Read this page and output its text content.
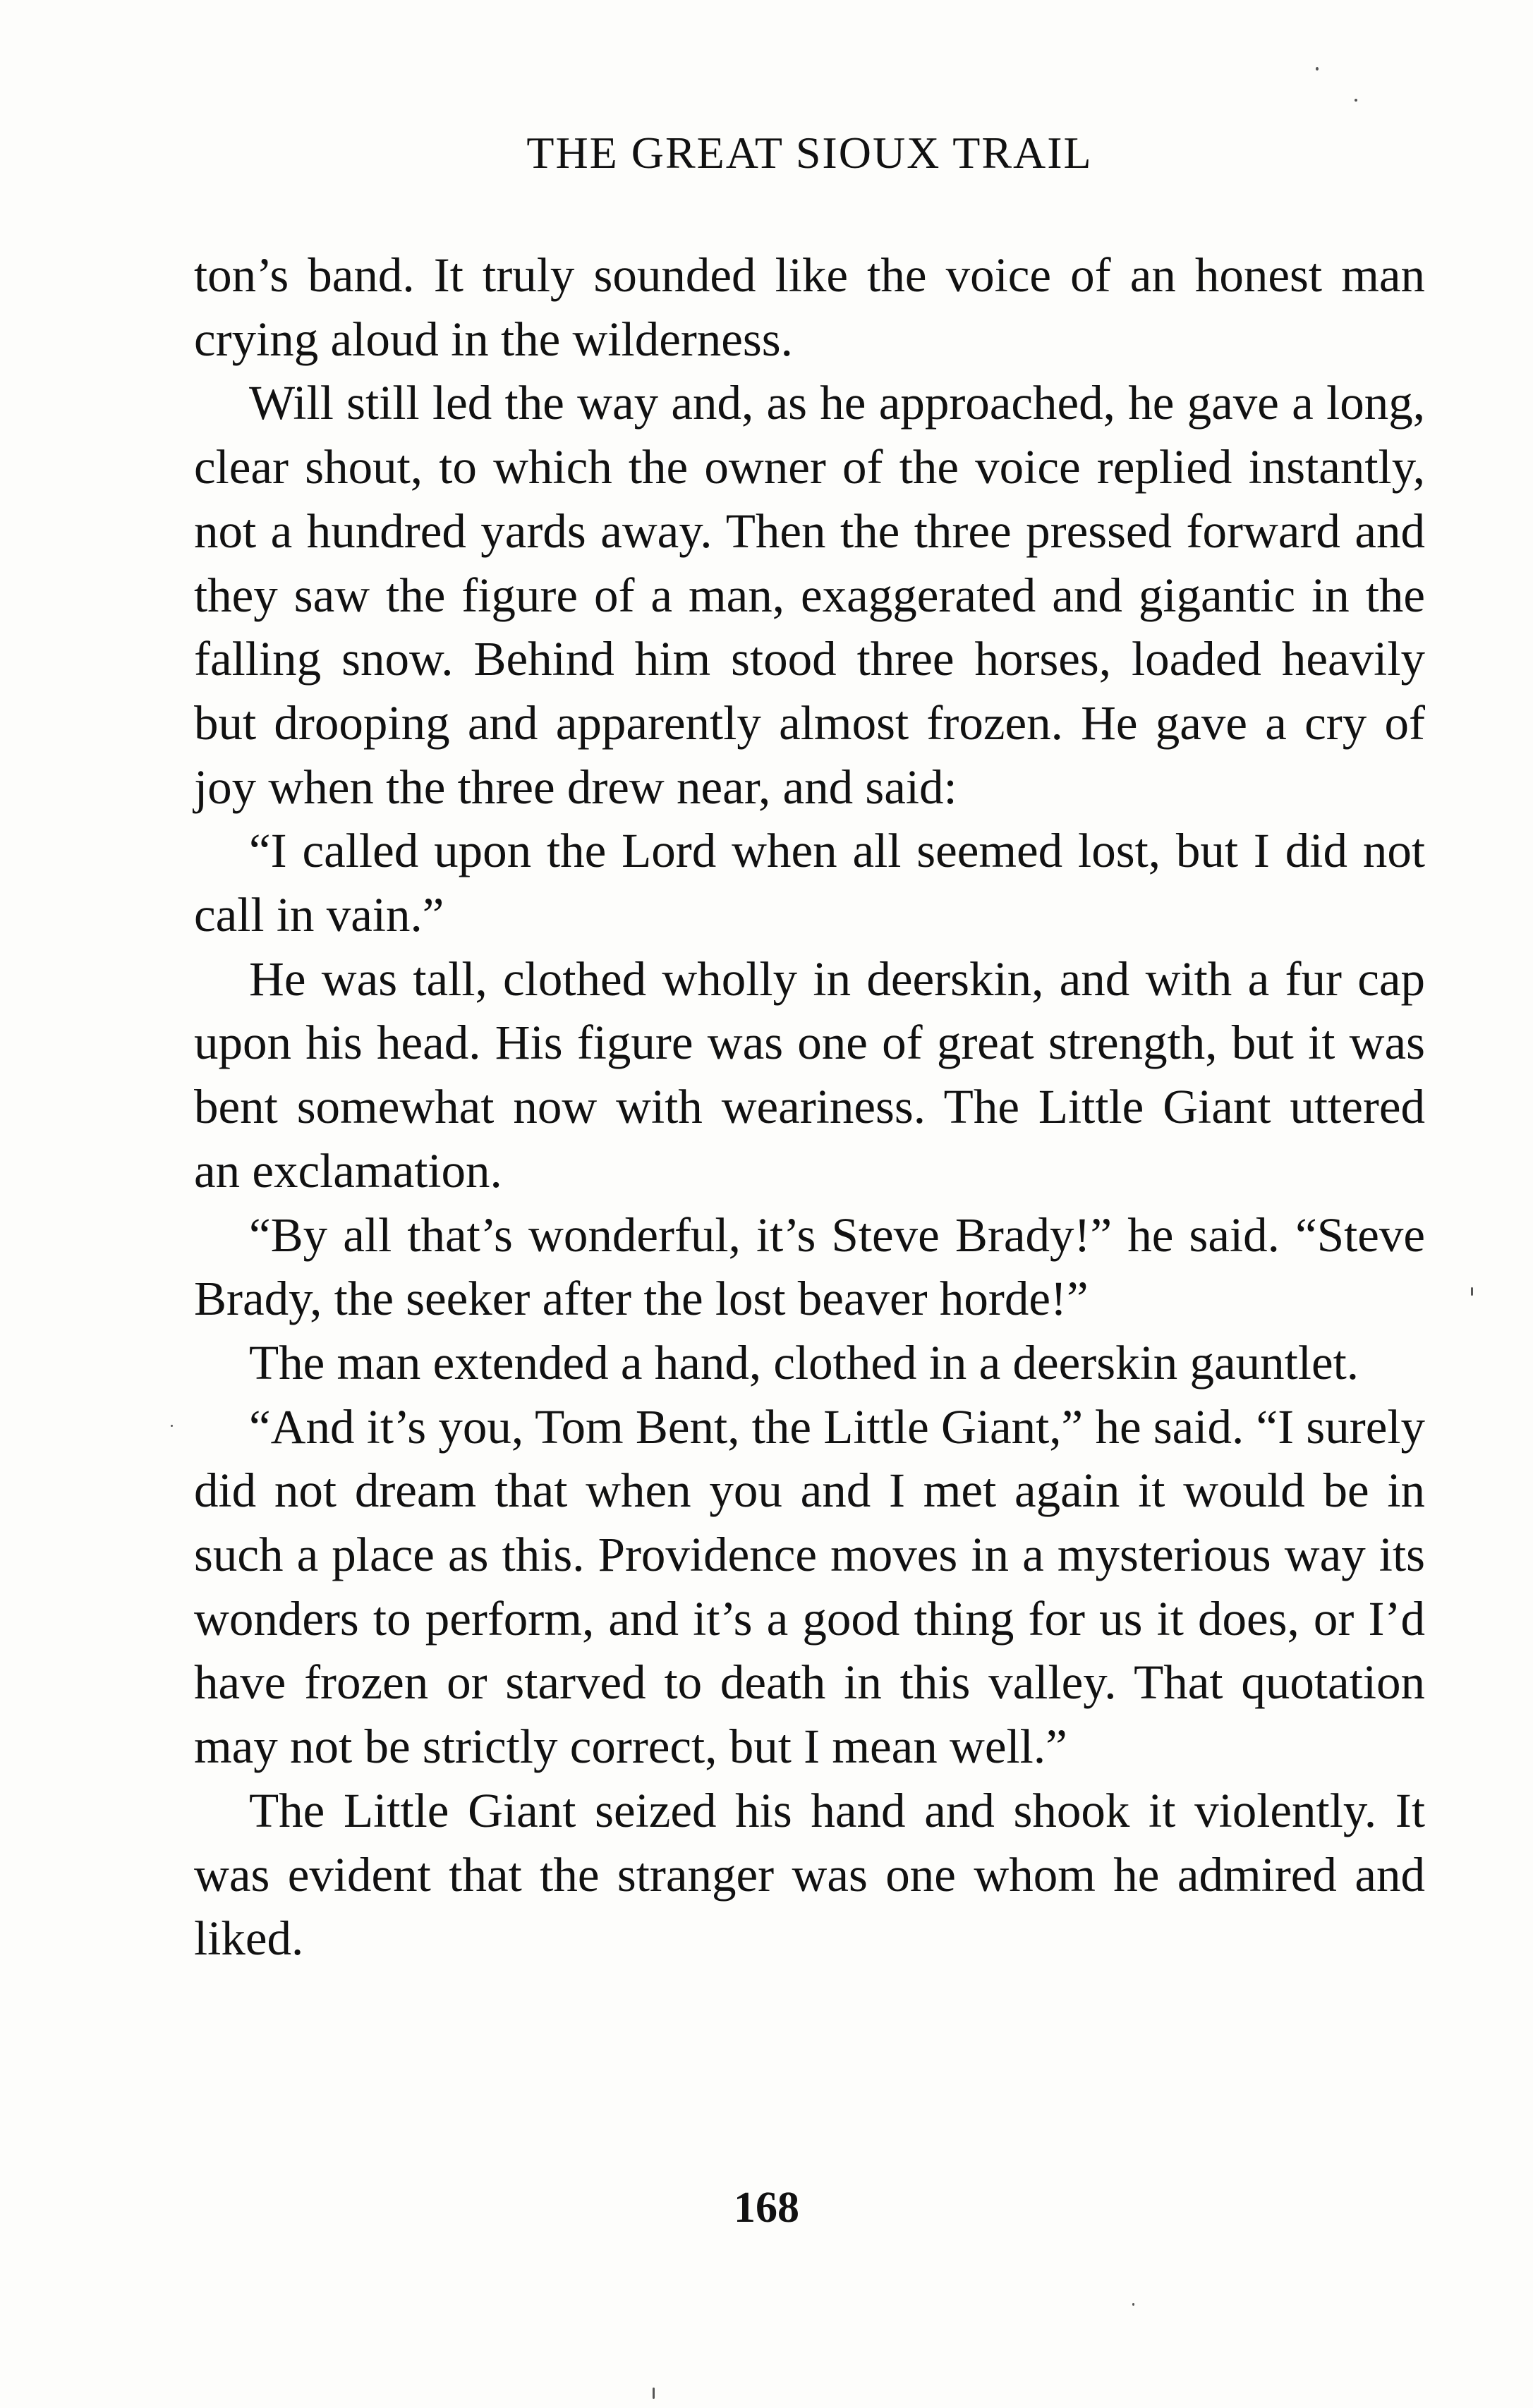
THE GREAT SIOUX TRAIL

ton’s band. It truly sounded like the voice of an honest man crying aloud in the wilderness.

Will still led the way and, as he approached, he gave a long, clear shout, to which the owner of the voice replied instantly, not a hundred yards away. Then the three pressed forward and they saw the figure of a man, exaggerated and gigantic in the falling snow. Behind him stood three horses, loaded heavily but drooping and apparently almost frozen. He gave a cry of joy when the three drew near, and said:

“I called upon the Lord when all seemed lost, but I did not call in vain.”

He was tall, clothed wholly in deerskin, and with a fur cap upon his head. His figure was one of great strength, but it was bent somewhat now with weariness. The Little Giant uttered an exclamation.

“By all that’s wonderful, it’s Steve Brady!” he said. “Steve Brady, the seeker after the lost beaver horde!”

The man extended a hand, clothed in a deerskin gauntlet.

“And it’s you, Tom Bent, the Little Giant,” he said. “I surely did not dream that when you and I met again it would be in such a place as this. Providence moves in a mysterious way its wonders to perform, and it’s a good thing for us it does, or I’d have frozen or starved to death in this valley. That quotation may not be strictly correct, but I mean well.”

The Little Giant seized his hand and shook it violently. It was evident that the stranger was one whom he admired and liked.

168
